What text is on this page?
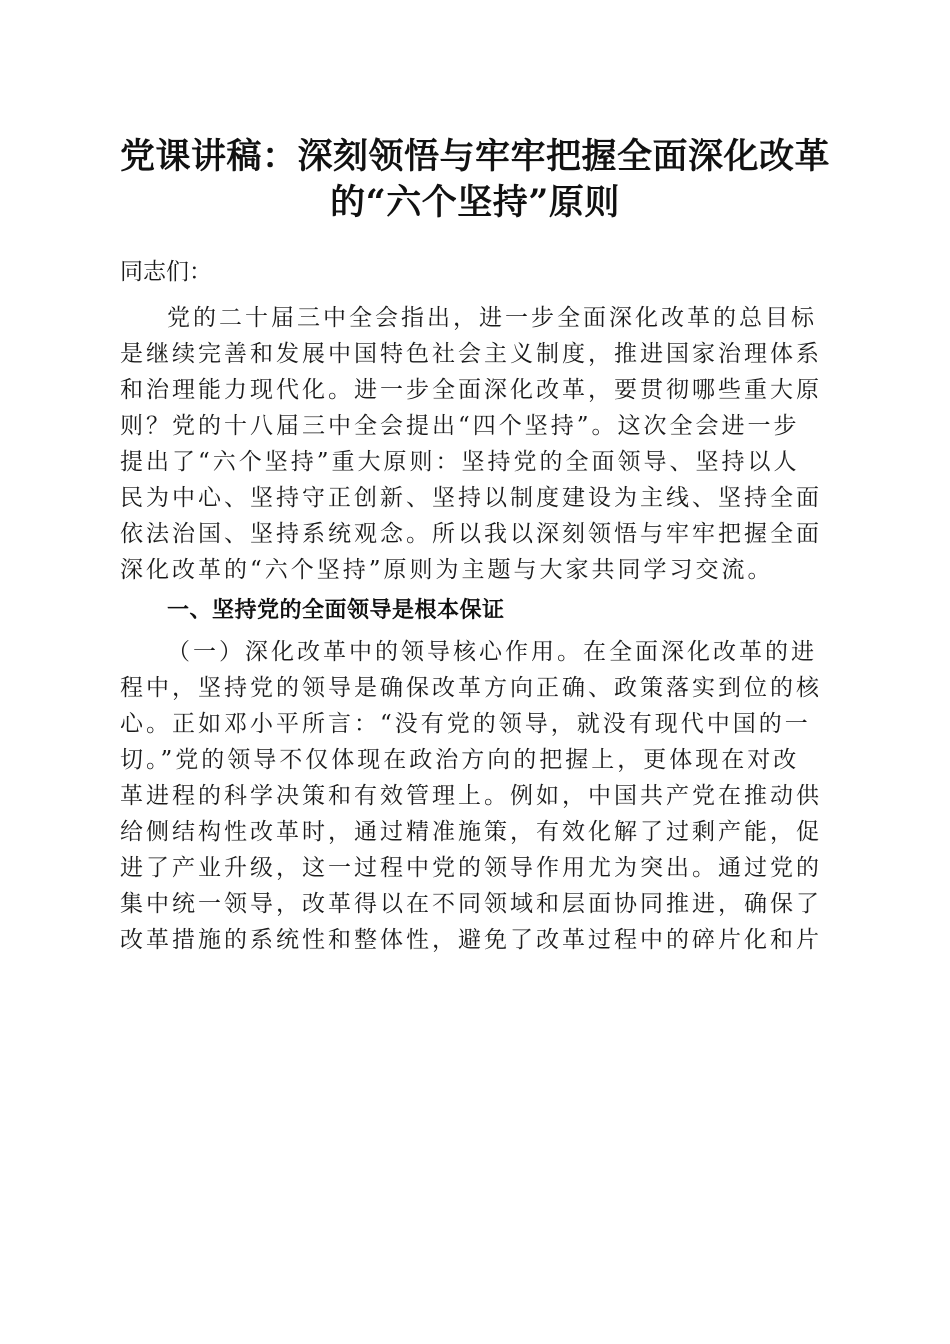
党课讲稿：深刻领悟与牢牢把握全面深化改革
的“六个坚持”原则
同志们：
党的二十届三中全会指出，进一步全面深化改革的总目标
是继续完善和发展中国特色社会主义制度，推进国家治理体系
和治理能力现代化。进一步全面深化改革，要贯彻哪些重大原
则？党的十八届三中全会提出“四个坚持”。这次全会进一步
提出了“六个坚持”重大原则：坚持党的全面领导、坚持以人
民为中心、坚持守正创新、坚持以制度建设为主线、坚持全面
依法治国、坚持系统观念。所以我以深刻领悟与牢牢把握全面
深化改革的“六个坚持”原则为主题与大家共同学习交流。
一、坚持党的全面领导是根本保证
（一）深化改革中的领导核心作用。在全面深化改革的进
程中，坚持党的领导是确保改革方向正确、政策落实到位的核
心。正如邓小平所言：“没有党的领导，就没有现代中国的一
切。”党的领导不仅体现在政治方向的把握上，更体现在对改
革进程的科学决策和有效管理上。例如，中国共产党在推动供
给侧结构性改革时，通过精准施策，有效化解了过剩产能，促
进了产业升级，这一过程中党的领导作用尤为突出。通过党的
集中统一领导，改革得以在不同领域和层面协同推进，确保了
改革措施的系统性和整体性，避免了改革过程中的碎片化和片
